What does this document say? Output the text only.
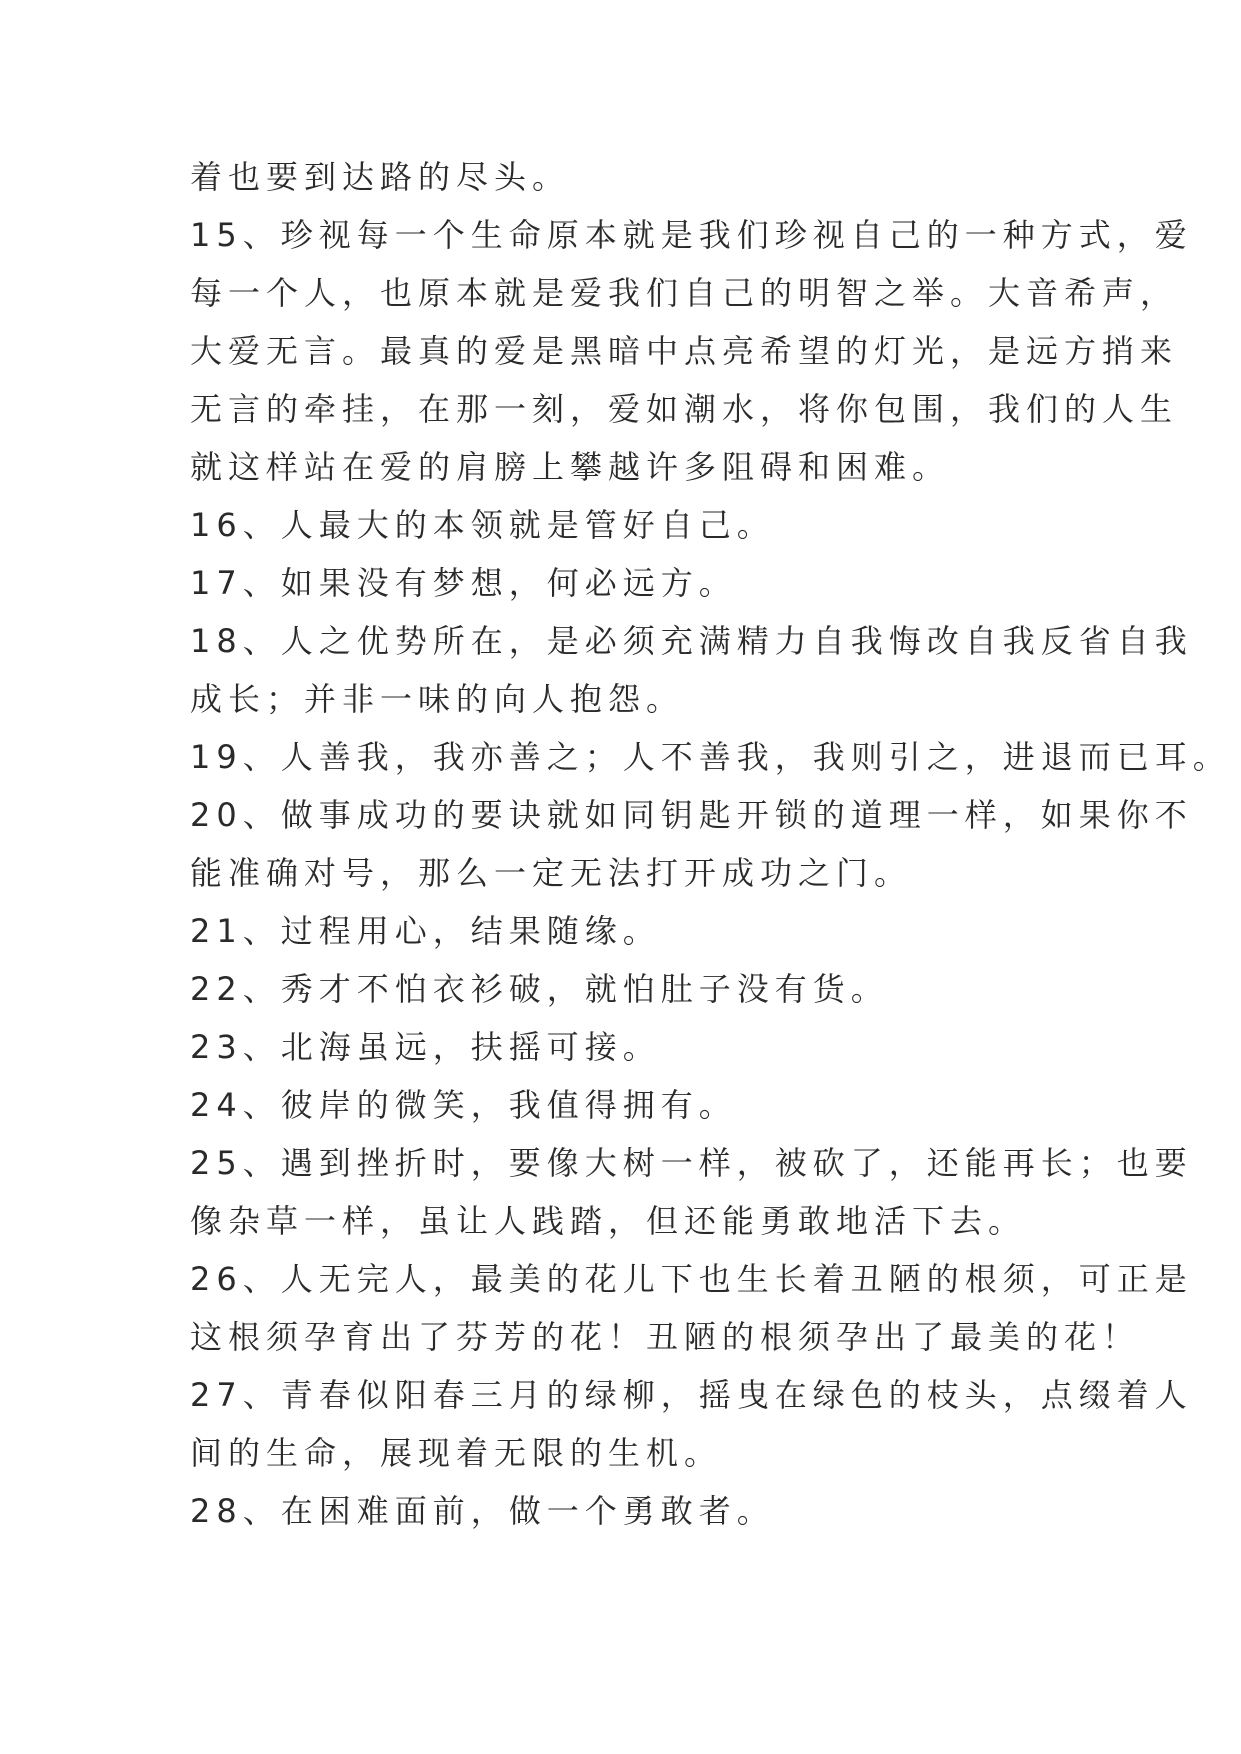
着也要到达路的尽头。
15、珍视每一个生命原本就是我们珍视自己的一种方式，爱
每一个人，也原本就是爱我们自己的明智之举。大音希声，
大爱无言。最真的爱是黑暗中点亮希望的灯光，是远方捎来
无言的牵挂，在那一刻，爱如潮水，将你包围，我们的人生
就这样站在爱的肩膀上攀越许多阻碍和困难。
16、人最大的本领就是管好自己。
17、如果没有梦想，何必远方。
18、人之优势所在，是必须充满精力自我悔改自我反省自我
成长；并非一味的向人抱怨。
19、人善我，我亦善之；人不善我，我则引之，进退而已耳。
20、做事成功的要诀就如同钥匙开锁的道理一样，如果你不
能准确对号，那么一定无法打开成功之门。
21、过程用心，结果随缘。
22、秀才不怕衣衫破，就怕肚子没有货。
23、北海虽远，扶摇可接。
24、彼岸的微笑，我值得拥有。
25、遇到挫折时，要像大树一样，被砍了，还能再长；也要
像杂草一样，虽让人践踏，但还能勇敢地活下去。
26、人无完人，最美的花儿下也生长着丑陋的根须，可正是
这根须孕育出了芬芳的花！丑陋的根须孕出了最美的花！
27、青春似阳春三月的绿柳，摇曳在绿色的枝头，点缀着人
间的生命，展现着无限的生机。
28、在困难面前，做一个勇敢者。
